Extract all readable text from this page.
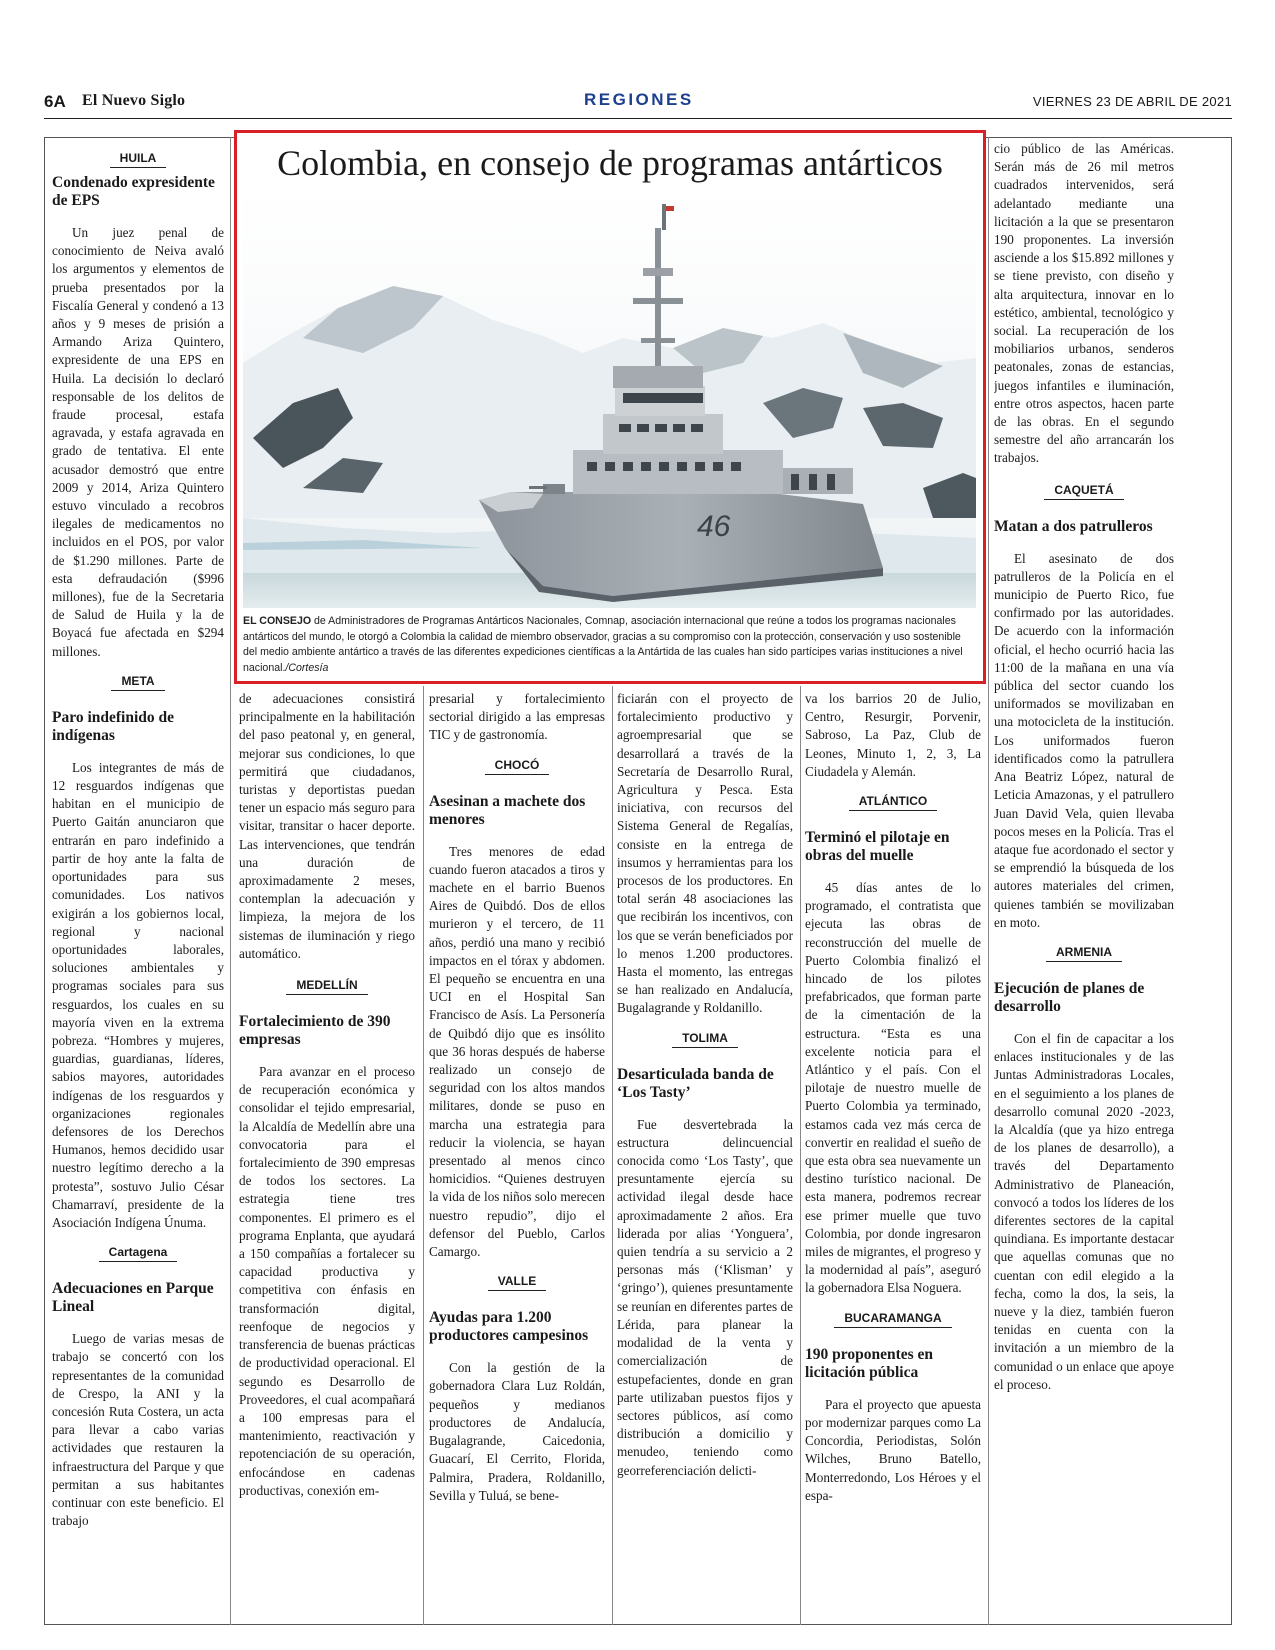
6A El Nuevo Siglo	REGIONES	VIERNES 23 DE ABRIL DE 2021
HUILA
Condenado expresidente de EPS

Un juez penal de conocimiento de Neiva avaló los argumentos y elementos de prueba presentados por la Fiscalía General y condenó a 13 años y 9 meses de prisión a Armando Ariza Quintero, expresidente de una EPS en Huila. La decisión lo declaró responsable de los delitos de fraude procesal, estafa agravada, y estafa agravada en grado de tentativa. El ente acusador demostró que entre 2009 y 2014, Ariza Quintero estuvo vinculado a recobros ilegales de medicamentos no incluidos en el POS, por valor de $1.290 millones. Parte de esta defraudación ($996 millones), fue de la Secretaria de Salud de Huila y la de Boyacá fue afectada en $294 millones.

META
Paro indefinido de indígenas

Los integrantes de más de 12 resguardos indígenas que habitan en el municipio de Puerto Gaitán anunciaron que entrarán en paro indefinido a partir de hoy ante la falta de oportunidades para sus comunidades. Los nativos exigirán a los gobiernos local, regional y nacional oportunidades laborales, soluciones ambientales y programas sociales para sus resguardos, los cuales en su mayoría viven en la extrema pobreza. “Hombres y mujeres, guardias, guardianas, líderes, sabios mayores, autoridades indígenas de los resguardos y organizaciones regionales defensores de los Derechos Humanos, hemos decidido usar nuestro legítimo derecho a la protesta”, sostuvo Julio César Chamarraví, presidente de la Asociación Indígena Únuma.

Cartagena
Adecuaciones en Parque Lineal

Luego de varias mesas de trabajo se concertó con los representantes de la comunidad de Crespo, la ANI y la concesión Ruta Costera, un acta para llevar a cabo varias actividades que restauren la infraestructura del Parque y que permitan a sus habitantes continuar con este beneficio. El trabajo

de adecuaciones consistirá principalmente en la habilitación del paso peatonal y, en general, mejorar sus condiciones, lo que permitirá que ciudadanos, turistas y deportistas puedan tener un espacio más seguro para visitar, transitar o hacer deporte. Las intervenciones, que tendrán una duración de aproximadamente 2 meses, contemplan la adecuación y limpieza, la mejora de los sistemas de iluminación y riego automático.

MEDELLÍN
Fortalecimiento de 390 empresas

Para avanzar en el proceso de recuperación económica y consolidar el tejido empresarial, la Alcaldía de Medellín abre una convocatoria para el fortalecimiento de 390 empresas de todos los sectores. La estrategia tiene tres componentes. El primero es el programa Enplanta, que ayudará a 150 compañías a fortalecer su capacidad productiva y competitiva con énfasis en transformación digital, reenfoque de negocios y transferencia de buenas prácticas de productividad operacional. El segundo es Desarrollo de Proveedores, el cual acompañará a 100 empresas para el mantenimiento, reactivación y repotenciación de su operación, enfocándose en cadenas productivas, conexión em-

presarial y fortalecimiento sectorial dirigido a las empresas TIC y de gastronomía.

CHOCÓ
Asesinan a machete dos menores

Tres menores de edad cuando fueron atacados a tiros y machete en el barrio Buenos Aires de Quibdó. Dos de ellos murieron y el tercero, de 11 años, perdió una mano y recibió impactos en el tórax y abdomen. El pequeño se encuentra en una UCI en el Hospital San Francisco de Asís. La Personería de Quibdó dijo que es insólito que 36 horas después de haberse realizado un consejo de seguridad con los altos mandos militares, donde se puso en marcha una estrategia para reducir la violencia, se hayan presentado al menos cinco homicidios. “Quienes destruyen la vida de los niños solo merecen nuestro repudio”, dijo el defensor del Pueblo, Carlos Camargo.

VALLE
Ayudas para 1.200 productores campesinos

Con la gestión de la gobernadora Clara Luz Roldán, pequeños y medianos productores de Andalucía, Bugalagrande, Caicedonia, Guacarí, El Cerrito, Florida, Palmira, Pradera, Roldanillo, Sevilla y Tuluá, se bene-

ficiarán con el proyecto de fortalecimiento productivo y agroempresarial que se desarrollará a través de la Secretaría de Desarrollo Rural, Agricultura y Pesca. Esta iniciativa, con recursos del Sistema General de Regalías, consiste en la entrega de insumos y herramientas para los procesos de los productores. En total serán 48 asociaciones las que recibirán los incentivos, con los que se verán beneficiados por lo menos 1.200 productores. Hasta el momento, las entregas se han realizado en Andalucía, Bugalagrande y Roldanillo.

TOLIMA
Desarticulada banda de ‘Los Tasty’

Fue desvertebrada la estructura delincuencial conocida como ‘Los Tasty’, que presuntamente ejercía su actividad ilegal desde hace aproximadamente 2 años. Era liderada por alias ‘Yonguera’, quien tendría a su servicio a 2 personas más (‘Klisman’ y ‘gringo’), quienes presuntamente se reunían en diferentes partes de Lérida, para planear la modalidad de la venta y comercialización de estupefacientes, donde en gran parte utilizaban puestos fijos y sectores públicos, así como distribución a domicilio y menudeo, teniendo como georreferenciación delicti-

va los barrios 20 de Julio, Centro, Resurgir, Porvenir, Sabroso, La Paz, Club de Leones, Minuto 1, 2, 3, La Ciudadela y Alemán.

ATLÁNTICO
Terminó el pilotaje en obras del muelle

45 días antes de lo programado, el contratista que ejecuta las obras de reconstrucción del muelle de Puerto Colombia finalizó el hincado de los pilotes prefabricados, que forman parte de la cimentación de la estructura. “Esta es una excelente noticia para el Atlántico y el país. Con el pilotaje de nuestro muelle de Puerto Colombia ya terminado, estamos cada vez más cerca de convertir en realidad el sueño de que esta obra sea nuevamente un destino turístico nacional. De esta manera, podremos recrear ese primer muelle que tuvo Colombia, por donde ingresaron miles de migrantes, el progreso y la modernidad al país”, aseguró la gobernadora Elsa Noguera.

BUCARAMANGA
190 proponentes en licitación pública

Para el proyecto que apuesta por modernizar parques como La Concordia, Periodistas, Solón Wilches, Bruno Batello, Monterredondo, Los Héroes y el espa-

cio público de las Américas. Serán más de 26 mil metros cuadrados intervenidos, será adelantado mediante una licitación a la que se presentaron 190 proponentes. La inversión asciende a los $15.892 millones y se tiene previsto, con diseño y alta arquitectura, innovar en lo estético, ambiental, tecnológico y social. La recuperación de los mobiliarios urbanos, senderos peatonales, zonas de estancias, juegos infantiles e iluminación, entre otros aspectos, hacen parte de las obras. En el segundo semestre del año arrancarán los trabajos.

CAQUETÁ
Matan a dos patrulleros

El asesinato de dos patrulleros de la Policía en el municipio de Puerto Rico, fue confirmado por las autoridades. De acuerdo con la información oficial, el hecho ocurrió hacia las 11:00 de la mañana en una vía pública del sector cuando los uniformados se movilizaban en una motocicleta de la institución. Los uniformados fueron identificados como la patrullera Ana Beatriz López, natural de Leticia Amazonas, y el patrullero Juan David Vela, quien llevaba pocos meses en la Policía. Tras el ataque fue acordonado el sector y se emprendió la búsqueda de los autores materiales del crimen, quienes también se movilizaban en moto.

ARMENIA
Ejecución de planes de desarrollo

Con el fin de capacitar a los enlaces institucionales y de las Juntas Administradoras Locales, en el seguimiento a los planes de desarrollo comunal 2020 -2023, la Alcaldía (que ya hizo entrega de los planes de desarrollo), a través del Departamento Administrativo de Planeación, convocó a todos los líderes de los diferentes sectores de la capital quindiana. Es importante destacar que aquellas comunas que no cuentan con edil elegido a la fecha, como la dos, la seis, la nueve y la diez, también fueron tenidas en cuenta con la invitación a un miembro de la comunidad o un enlace que apoye el proceso.

Colombia, en consejo de programas antárticos
46
EL CONSEJO de Administradores de Programas Antárticos Nacionales, Comnap, asociación internacional que reúne a todos los programas nacionales antárticos del mundo, le otorgó a Colombia la calidad de miembro observador, gracias a su compromiso con la protección, conservación y uso sostenible del medio ambiente antártico a través de las diferentes expediciones científicas a la Antártida de las cuales han sido partícipes varias instituciones a nivel nacional./Cortesía
